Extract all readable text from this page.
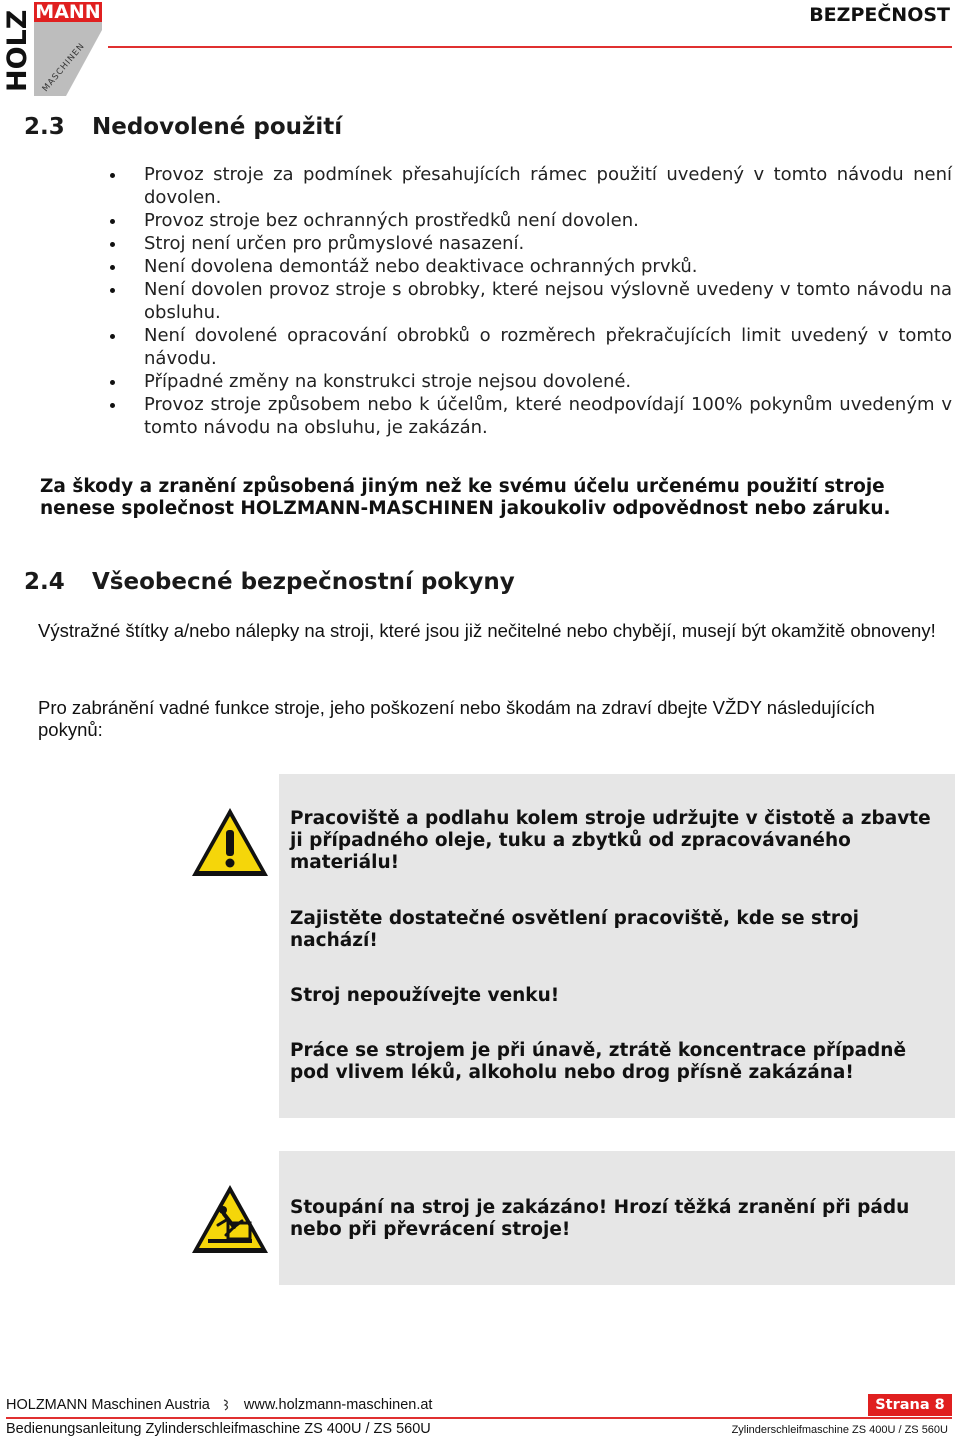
MANN
HOLZ MASCHINEN
BEZPEČNOST
2.3 Nedovolené použití
Provoz stroje za podmínek přesahujících rámec použití uvedený v tomto návodu není dovolen.
Provoz stroje bez ochranných prostředků není dovolen.
Stroj není určen pro průmyslové nasazení.
Není dovolena demontáž nebo deaktivace ochranných prvků.
Není dovolen provoz stroje s obrobky, které nejsou výslovně uvedeny v tomto návodu na obsluhu.
Není dovolené opracování obrobků o rozměrech překračujících limit uvedený v tomto návodu.
Případné změny na konstrukci stroje nejsou dovolené.
Provoz stroje způsobem nebo k účelům, které neodpovídají 100% pokynům uvedeným v tomto návodu na obsluhu, je zakázán.
Za škody a zranění způsobená jiným než ke svému účelu určenému použití stroje nenese společnost HOLZMANN-MASCHINEN jakoukoliv odpovědnost nebo záruku.
2.4 Všeobecné bezpečnostní pokyny
Výstražné štítky a/nebo nálepky na stroji, které jsou již nečitelné nebo chybějí, musejí být okamžitě obnoveny!
Pro zabránění vadné funkce stroje, jeho poškození nebo škodám na zdraví dbejte VŽDY následujících pokynů:
Pracoviště a podlahu kolem stroje udržujte v čistotě a zbavte ji případného oleje, tuku a zbytků od zpracovávaného materiálu!
Zajistěte dostatečné osvětlení pracoviště, kde se stroj nachází!
Stroj nepoužívejte venku!
Práce se strojem je při únavě, ztrátě koncentrace případně pod vlivem léků, alkoholu nebo drog přísně zakázána!
Stoupání na stroj je zakázáno! Hrozí těžká zranění při pádu nebo při převrácení stroje!
HOLZMANN Maschinen Austria www.holzmann-maschinen.at	Strana 8
Bedienungsanleitung Zylinderschleifmaschine ZS 400U / ZS 560U	Zylinderschleifmaschine ZS 400U / ZS 560U
